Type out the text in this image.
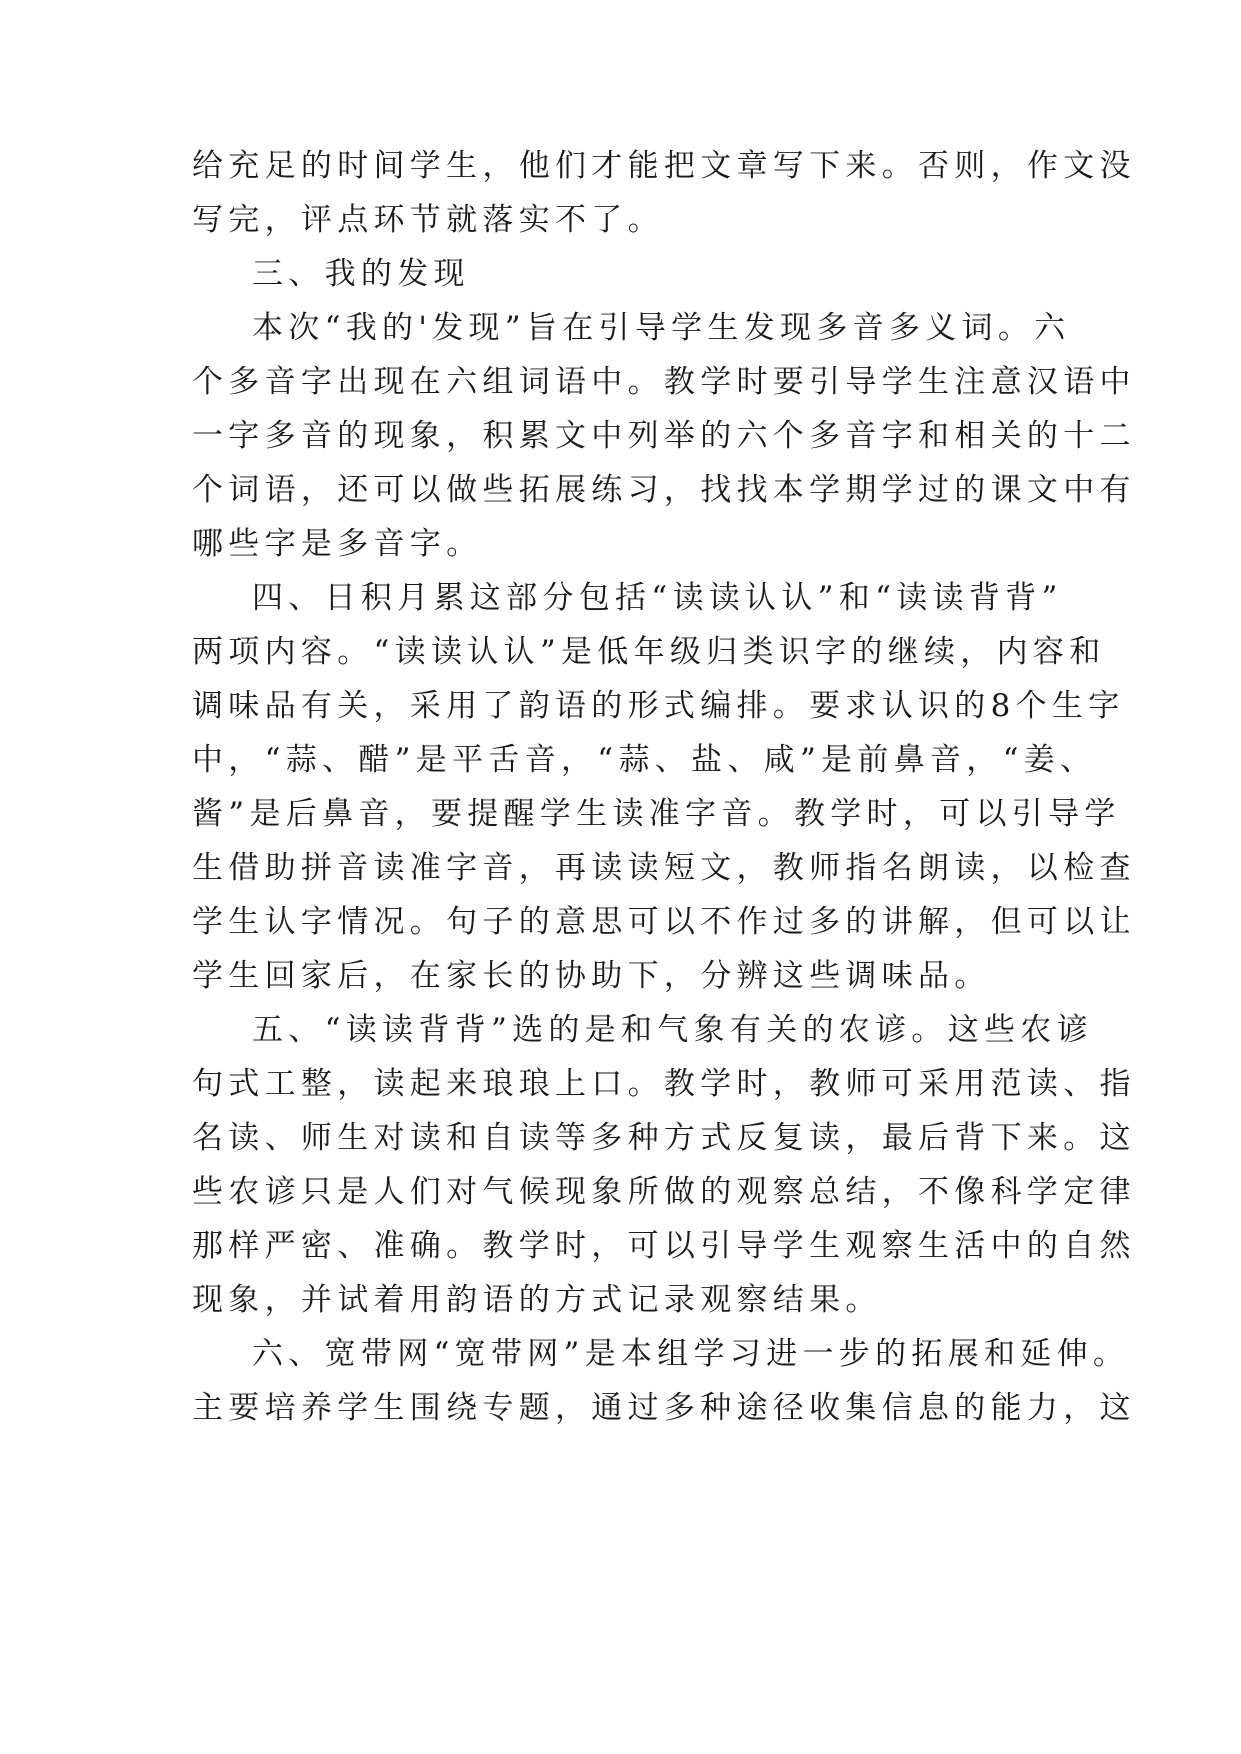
给充足的时间学生，他们才能把文章写下来。否则，作文没
写完，评点环节就落实不了。
三、我的发现
本次“我的'发现”旨在引导学生发现多音多义词。六
个多音字出现在六组词语中。教学时要引导学生注意汉语中
一字多音的现象，积累文中列举的六个多音字和相关的十二
个词语，还可以做些拓展练习，找找本学期学过的课文中有
哪些字是多音字。
四、日积月累这部分包括“读读认认”和“读读背背”
两项内容。“读读认认”是低年级归类识字的继续，内容和
调味品有关，采用了韵语的形式编排。要求认识的8个生字
中，“蒜、醋”是平舌音，“蒜、盐、咸”是前鼻音，“姜、
酱”是后鼻音，要提醒学生读准字音。教学时，可以引导学
生借助拼音读准字音，再读读短文，教师指名朗读，以检查
学生认字情况。句子的意思可以不作过多的讲解，但可以让
学生回家后，在家长的协助下，分辨这些调味品。
五、“读读背背”选的是和气象有关的农谚。这些农谚
句式工整，读起来琅琅上口。教学时，教师可采用范读、指
名读、师生对读和自读等多种方式反复读，最后背下来。这
些农谚只是人们对气候现象所做的观察总结，不像科学定律
那样严密、准确。教学时，可以引导学生观察生活中的自然
现象，并试着用韵语的方式记录观察结果。
六、宽带网“宽带网”是本组学习进一步的拓展和延伸。
主要培养学生围绕专题，通过多种途径收集信息的能力，这
